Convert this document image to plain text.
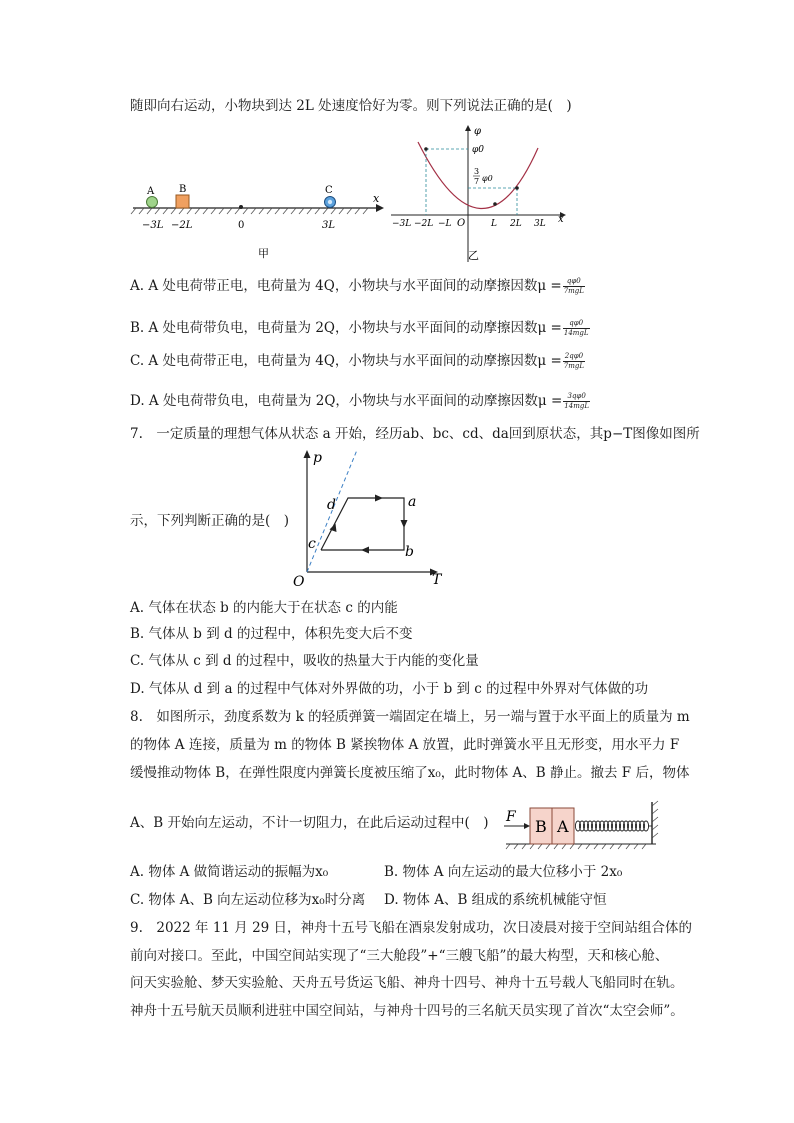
随即向右运动，小物块到达 2L 处速度恰好为零。则下列说法正确的是(　)
A B	C
x
−3L −2L	0	3L
甲
φ
x
O
φ0
3
7 φ0
−3L −2L −L	L 2L 3L
乙
A. A 处电荷带正电，电荷量为 4Q，小物块与水平面间的动摩擦因数$\mu = \frac{q\varphi 0}{\text{7mgL}}$
B. A 处电荷带负电，电荷量为 2Q，小物块与水平面间的动摩擦因数$\mu = \frac{q\varphi 0}{\text{14mgL}}$
C. A 处电荷带正电，电荷量为 4Q，小物块与水平面间的动摩擦因数$\mu = \frac{2q\varphi 0}{\text{7mgL}}$
D. A 处电荷带负电，电荷量为 2Q，小物块与水平面间的动摩擦因数$\mu = \frac{3q\varphi 0}{\text{14mgL}}$
7.　一定质量的理想气体从状态 a 开始，经历ab、bc、cd、da回到原状态，其p−T图像如图所
p
T
O
a
b
c
d
示，下列判断正确的是(　)
A. 气体在状态 b 的内能大于在状态 c 的内能
B. 气体从 b 到 d 的过程中，体积先变大后不变
C. 气体从 c 到 d 的过程中，吸收的热量大于内能的变化量
D. 气体从 d 到 a 的过程中气体对外界做的功，小于 b 到 c 的过程中外界对气体做的功
8.　如图所示，劲度系数为 k 的轻质弹簧一端固定在墙上，另一端与置于水平面上的质量为 m
的物体 A 连接，质量为 m 的物体 B 紧挨物体 A 放置，此时弹簧水平且无形变，用水平力 F
缓慢推动物体 B，在弹性限度内弹簧长度被压缩了x₀，此时物体 A、B 静止。撤去 F 后，物体
A、B 开始向左运动，不计一切阻力，在此后运动过程中(　) F B A
A. 物体 A 做简谐运动的振幅为x₀	B. 物体 A 向左运动的最大位移小于 2x₀
C. 物体 A、B 向左运动位移为x₀时分离 D. 物体 A、B 组成的系统机械能守恒
9.　2022 年 11 月 29 日，神舟十五号飞船在酒泉发射成功，次日凌晨对接于空间站组合体的
前向对接口。至此，中国空间站实现了“三大舱段”+“三艘飞船”的最大构型，天和核心舱、
问天实验舱、梦天实验舱、天舟五号货运飞船、神舟十四号、神舟十五号载人飞船同时在轨。
神舟十五号航天员顺利进驻中国空间站，与神舟十四号的三名航天员实现了首次“太空会师”。
